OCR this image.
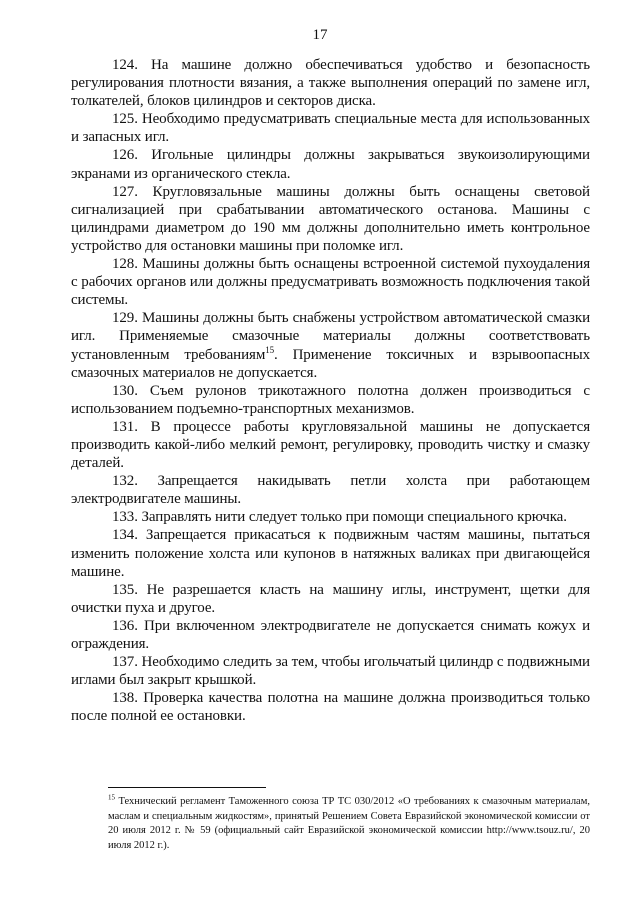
17

124. На машине должно обеспечиваться удобство и безопасность регулирования плотности вязания, а также выполнения операций по замене игл, толкателей, блоков цилиндров и секторов диска.

125. Необходимо предусматривать специальные места для использованных и запасных игл.

126. Игольные цилиндры должны закрываться звукоизолирующими экранами из органического стекла.

127. Кругловязальные машины должны быть оснащены световой сигнализацией при срабатывании автоматического останова. Машины с цилиндрами диаметром до 190 мм должны дополнительно иметь контрольное устройство для остановки машины при поломке игл.

128. Машины должны быть оснащены встроенной системой пухоудаления с рабочих органов или должны предусматривать возможность подключения такой системы.

129. Машины должны быть снабжены устройством автоматической смазки игл. Применяемые смазочные материалы должны соответствовать установленным требованиям$^{15}$. Применение токсичных и взрывоопасных смазочных материалов не допускается.

130. Съем рулонов трикотажного полотна должен производиться с использованием подъемно-транспортных механизмов.

131. В процессе работы кругловязальной машины не допускается производить какой-либо мелкий ремонт, регулировку, проводить чистку и смазку деталей.

132. Запрещается накидывать петли холста при работающем электродвигателе машины.

133. Заправлять нити следует только при помощи специального крючка.

134. Запрещается прикасаться к подвижным частям машины, пытаться изменить положение холста или купонов в натяжных валиках при двигающейся машине.

135. Не разрешается класть на машину иглы, инструмент, щетки для очистки пуха и другое.

136. При включенном электродвигателе не допускается снимать кожух и ограждения.

137. Необходимо следить за тем, чтобы игольчатый цилиндр с подвижными иглами был закрыт крышкой.

138. Проверка качества полотна на машине должна производиться только после полной ее остановки.

$^{15}$ Технический регламент Таможенного союза ТР ТС 030/2012 «О требованиях к смазочным материалам, маслам и специальным жидкостям», принятый Решением Совета Евразийской экономической комиссии от 20 июля 2012 г. № 59 (официальный сайт Евразийской экономической комиссии http://www.tsouz.ru/, 20 июля 2012 г.).
